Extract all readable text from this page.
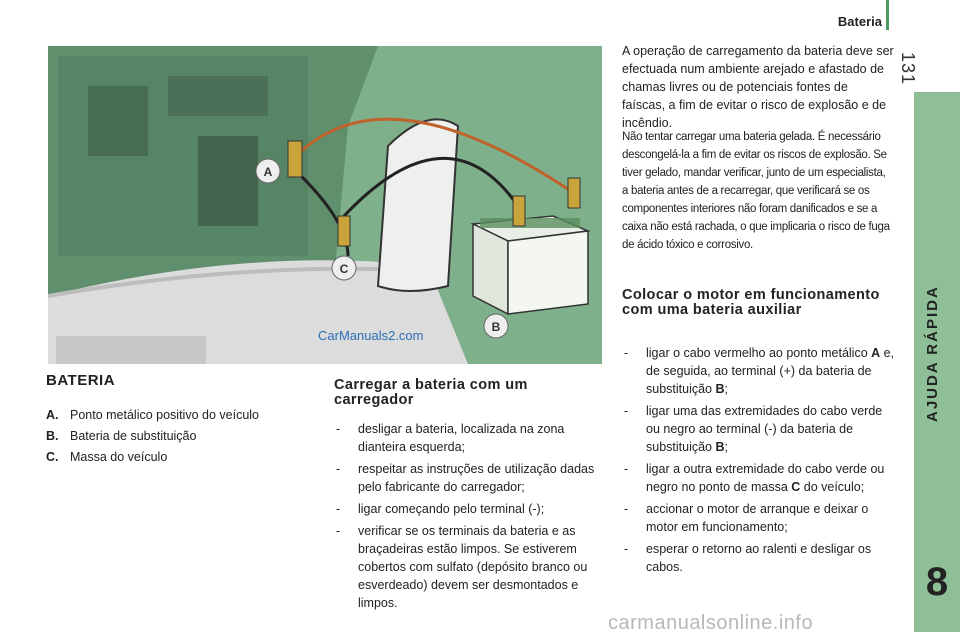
Bateria
131
AJUDA RÁPIDA
8
A
C
B
CarManuals2.com
BATERIA
A. Ponto metálico positivo do veículo
B. Bateria de substituição
C. Massa do veículo
Carregar a bateria com um carregador
- desligar a bateria, localizada na zona dianteira esquerda;
- respeitar as instruções de utilização dadas pelo fabricante do carregador;
- ligar começando pelo terminal (-);
- verificar se os terminais da bateria e as braçadeiras estão limpos. Se estiverem cobertos com sulfato (depósito branco ou esverdeado) devem ser desmontados e limpos.
A operação de carregamento da bateria deve ser efectuada num ambiente arejado e afastado de chamas livres ou de potenciais fontes de faíscas, a fim de evitar o risco de explosão e de incêndio.
Não tentar carregar uma bateria gelada. É necessário descongelá-la a fim de evitar os riscos de explosão. Se tiver gelado, mandar verificar, junto de um especialista, a bateria antes de a recarregar, que verificará se os componentes interiores não foram danificados e se a caixa não está rachada, o que implicaria o risco de fuga de ácido tóxico e corrosivo.
Colocar o motor em funcionamento com uma bateria auxiliar
- ligar o cabo vermelho ao ponto metálico A e, de seguida, ao terminal (+) da bateria de substituição B;
- ligar uma das extremidades do cabo verde ou negro ao terminal (-) da bateria de substituição B;
- ligar a outra extremidade do cabo verde ou negro no ponto de massa C do veículo;
- accionar o motor de arranque e deixar o motor em funcionamento;
- esperar o retorno ao ralenti e desligar os cabos.
carmanualsonline.info
